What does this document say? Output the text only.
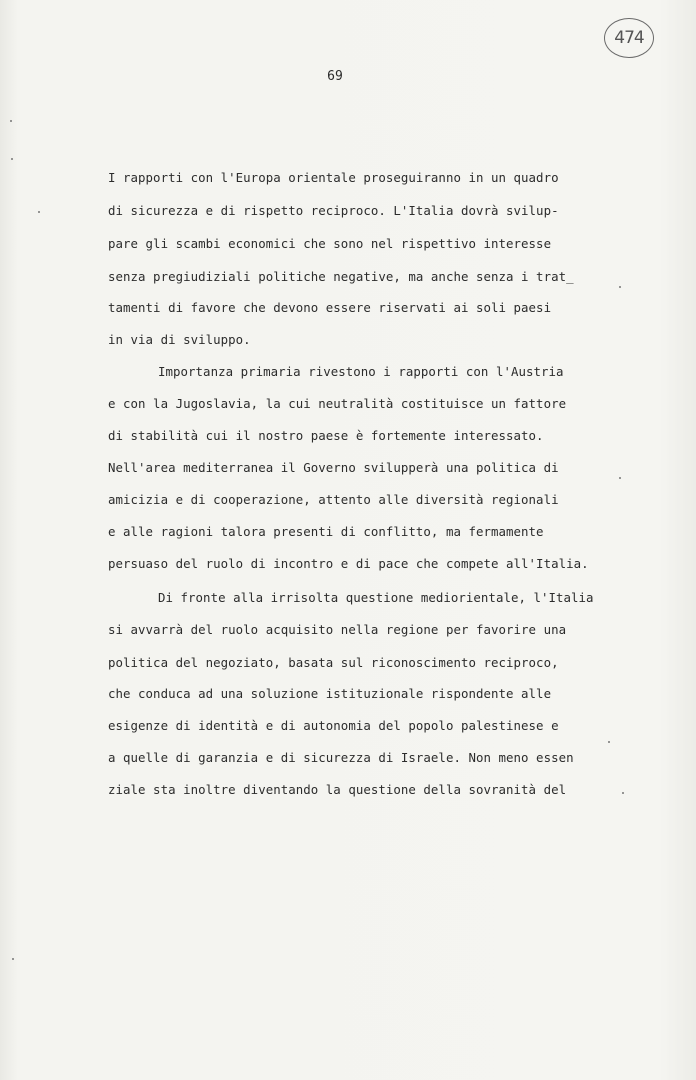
474
69
I rapporti con l'Europa orientale proseguiranno in un quadro
di sicurezza e di rispetto reciproco. L'Italia dovrà svilup-
pare gli scambi economici che sono nel rispettivo interesse
senza pregiudiziali politiche negative, ma anche senza i trat_
tamenti di favore che devono essere riservati ai soli paesi
in via di sviluppo.
Importanza primaria rivestono i rapporti con l'Austria
e con la Jugoslavia, la cui neutralità costituisce un fattore
di stabilità cui il nostro paese è fortemente interessato.
Nell'area mediterranea il Governo svilupperà una politica di
amicizia e di cooperazione, attento alle diversità regionali
e alle ragioni talora presenti di conflitto, ma fermamente
persuaso del ruolo di incontro e di pace che compete all'Italia.
Di fronte alla irrisolta questione mediorientale, l'Italia
si avvarrà del ruolo acquisito nella regione per favorire una
politica del negoziato, basata sul riconoscimento reciproco,
che conduca ad una soluzione istituzionale rispondente alle
esigenze di identità e di autonomia del popolo palestinese e
a quelle di garanzia e di sicurezza di Israele. Non meno essen
ziale sta inoltre diventando la questione della sovranità del
